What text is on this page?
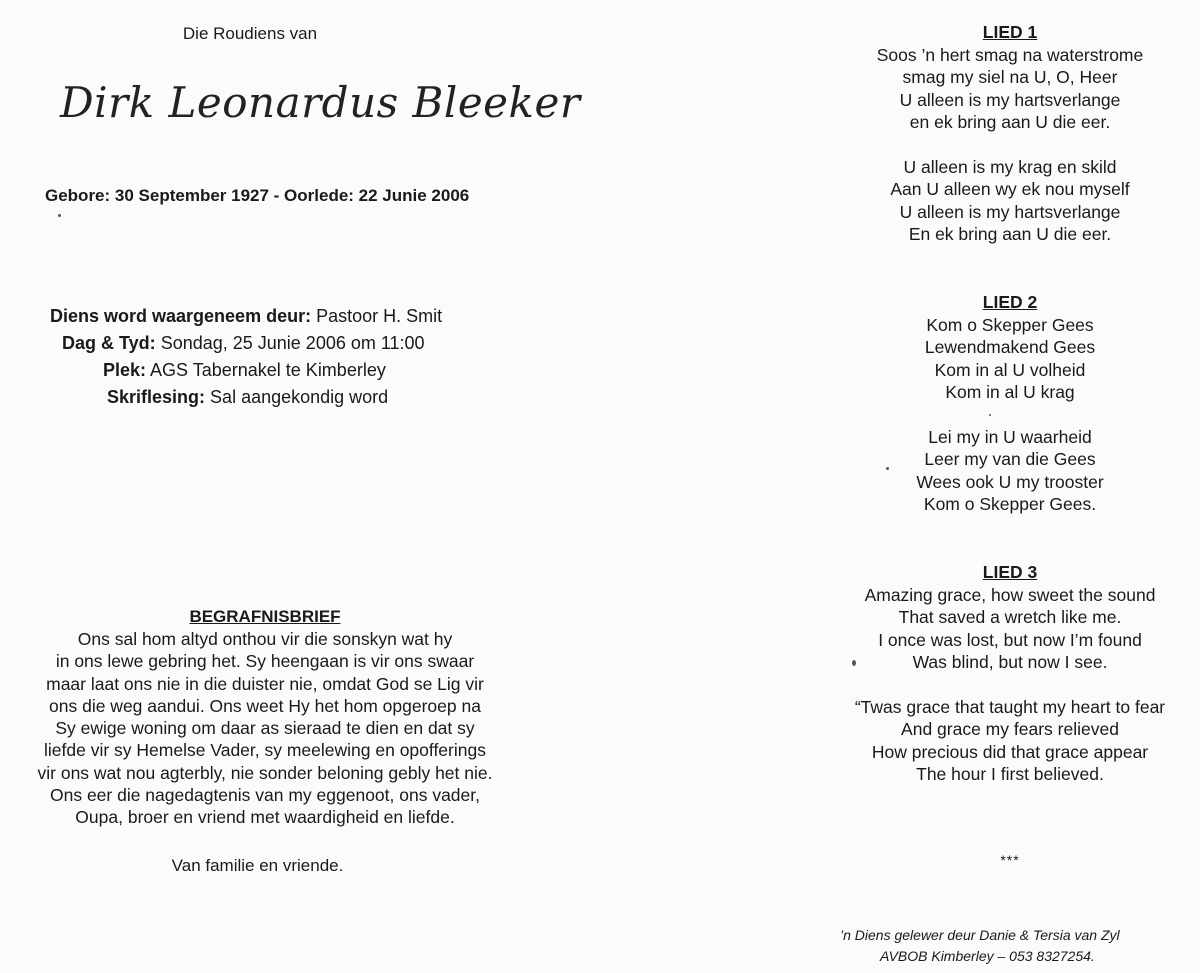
Die Roudiens van
Dirk Leonardus Bleeker
Gebore: 30 September 1927 - Oorlede: 22 Junie 2006
Diens word waargeneem deur: Pastoor H. Smit
Dag & Tyd: Sondag, 25 Junie 2006 om 11:00
Plek: AGS Tabernakel te Kimberley
Skriflesing: Sal aangekondig word
BEGRAFNISBRIEF
Ons sal hom altyd onthou vir die sonskyn wat hy
in ons lewe gebring het. Sy heengaan is vir ons swaar
maar laat ons nie in die duister nie, omdat God se Lig vir
ons die weg aandui. Ons weet Hy het hom opgeroep na
Sy ewige woning om daar as sieraad te dien en dat sy
liefde vir sy Hemelse Vader, sy meelewing en opofferings
vir ons wat nou agterbly, nie sonder beloning gebly het nie.
Ons eer die nagedagtenis van my eggenoot, ons vader,
Oupa, broer en vriend met waardigheid en liefde.
Van familie en vriende.
LIED 1
Soos ’n hert smag na waterstrome
smag my siel na U, O, Heer
U alleen is my hartsverlange
en ek bring aan U die eer.
U alleen is my krag en skild
Aan U alleen wy ek nou myself
U alleen is my hartsverlange
En ek bring aan U die eer.
LIED 2
Kom o Skepper Gees
Lewendmakend Gees
Kom in al U volheid
Kom in al U krag
Lei my in U waarheid
Leer my van die Gees
Wees ook U my trooster
Kom o Skepper Gees.
LIED 3
Amazing grace, how sweet the sound
That saved a wretch like me.
I once was lost, but now I’m found
Was blind, but now I see.
“Twas grace that taught my heart to fear
And grace my fears relieved
How precious did that grace appear
The hour I first believed.
***
’n Diens gelewer deur Danie & Tersia van Zyl
AVBOB Kimberley – 053 8327254.
